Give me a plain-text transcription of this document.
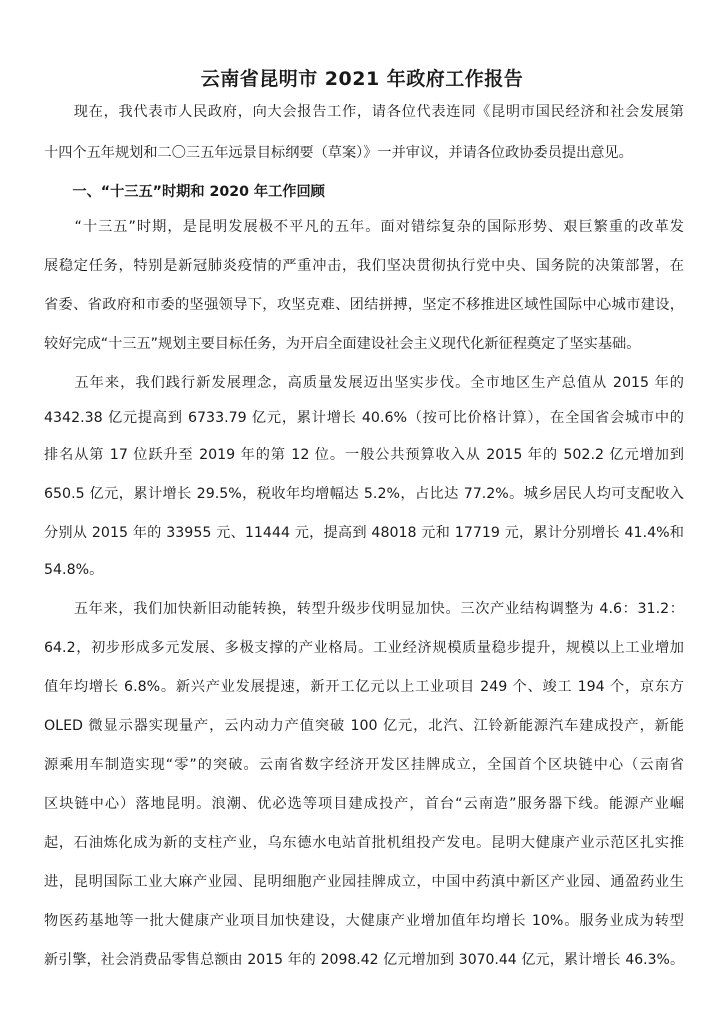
云南省昆明市 2021 年政府工作报告
　　现在，我代表市人民政府，向大会报告工作，请各位代表连同《昆明市国民经济和社会发展第
十四个五年规划和二〇三五年远景目标纲要（草案）》一并审议，并请各位政协委员提出意见。
　　一、“十三五”时期和 2020 年工作回顾
　　“十三五”时期，是昆明发展极不平凡的五年。面对错综复杂的国际形势、艰巨繁重的改革发
展稳定任务，特别是新冠肺炎疫情的严重冲击，我们坚决贯彻执行党中央、国务院的决策部署，在
省委、省政府和市委的坚强领导下，攻坚克难、团结拼搏，坚定不移推进区域性国际中心城市建设，
较好完成“十三五”规划主要目标任务，为开启全面建设社会主义现代化新征程奠定了坚实基础。
　　五年来，我们践行新发展理念，高质量发展迈出坚实步伐。全市地区生产总值从 2015 年的
4342.38 亿元提高到 6733.79 亿元，累计增长 40.6%（按可比价格计算），在全国省会城市中的
排名从第 17 位跃升至 2019 年的第 12 位。一般公共预算收入从 2015 年的 502.2 亿元增加到
650.5 亿元，累计增长 29.5%，税收年均增幅达 5.2%，占比达 77.2%。城乡居民人均可支配收入
分别从 2015 年的 33955 元、11444 元，提高到 48018 元和 17719 元，累计分别增长 41.4%和
54.8%。
　　五年来，我们加快新旧动能转换，转型升级步伐明显加快。三次产业结构调整为 4.6：31.2：
64.2，初步形成多元发展、多极支撑的产业格局。工业经济规模质量稳步提升，规模以上工业增加
值年均增长 6.8%。新兴产业发展提速，新开工亿元以上工业项目 249 个、竣工 194 个，京东方
OLED 微显示器实现量产，云内动力产值突破 100 亿元，北汽、江铃新能源汽车建成投产，新能
源乘用车制造实现“零”的突破。云南省数字经济开发区挂牌成立，全国首个区块链中心（云南省
区块链中心）落地昆明。浪潮、优必选等项目建成投产，首台“云南造”服务器下线。能源产业崛
起，石油炼化成为新的支柱产业，乌东德水电站首批机组投产发电。昆明大健康产业示范区扎实推
进，昆明国际工业大麻产业园、昆明细胞产业园挂牌成立，中国中药滇中新区产业园、通盈药业生
物医药基地等一批大健康产业项目加快建设，大健康产业增加值年均增长 10%。服务业成为转型
新引擎，社会消费品零售总额由 2015 年的 2098.42 亿元增加到 3070.44 亿元，累计增长 46.3%。
